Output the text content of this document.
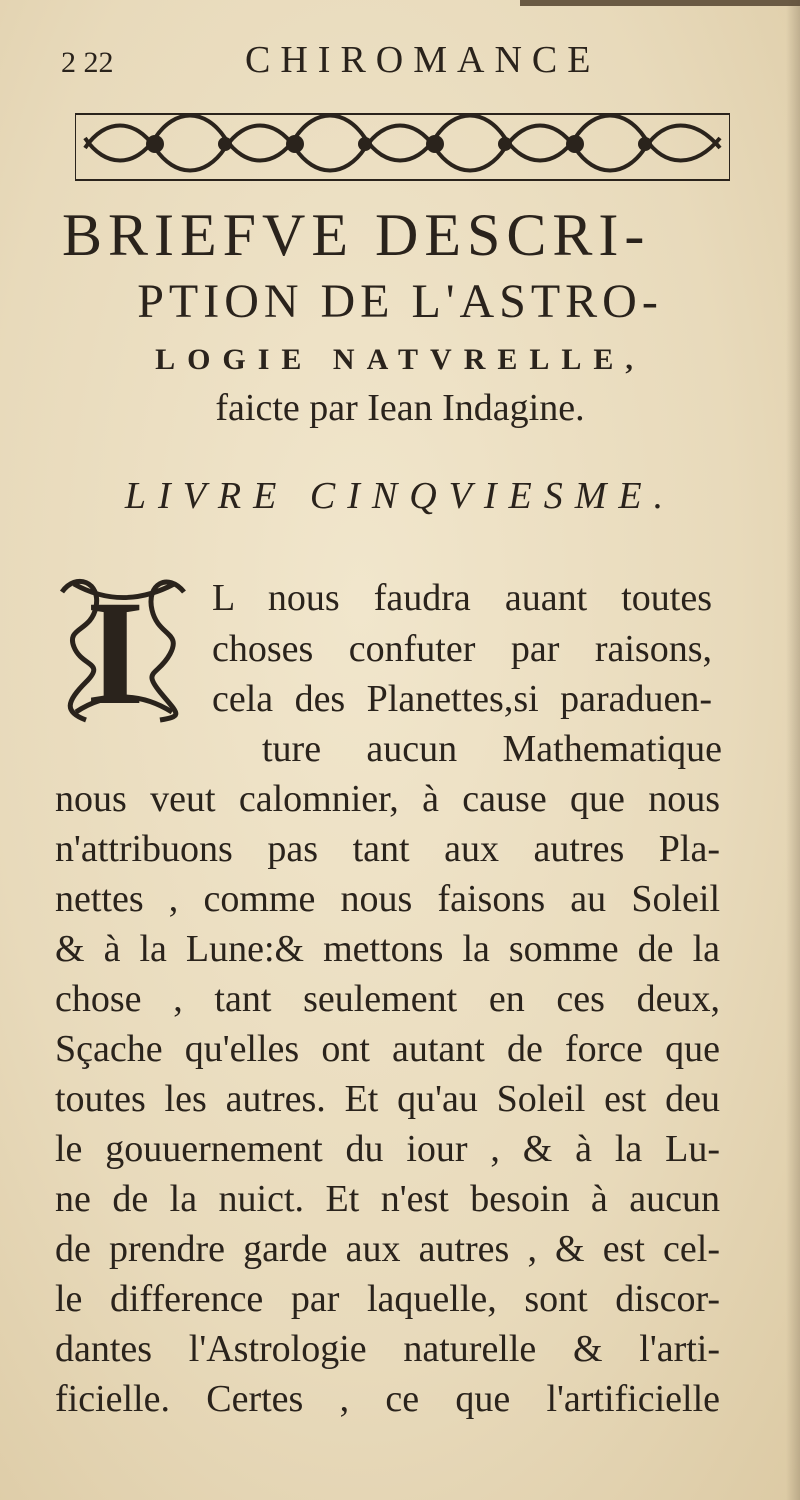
2 22	CHIROMANCE
BRIEFVE DESCRI-
PTION DE L'ASTRO-
LOGIE NATVRELLE,
faicte par Iean Indagine.
LIVRE CINQVIESME.
I L nous faudra auant toutes
choses confuter par raisons,
cela des Planettes,si paraduen-
ture aucun Mathematique
nous veut calomnier, à cause que nous
n'attribuons pas tant aux autres Pla-
nettes , comme nous faisons au Soleil
& à la Lune:& mettons la somme de la
chose , tant seulement en ces deux,
Sçache qu'elles ont autant de force que
toutes les autres. Et qu'au Soleil est deu
le gouuernement du iour , & à la Lu-
ne de la nuict. Et n'est besoin à aucun
de prendre garde aux autres , & est cel-
le difference par laquelle, sont discor-
dantes l'Astrologie naturelle & l'arti-
ficielle. Certes , ce que l'artificielle
